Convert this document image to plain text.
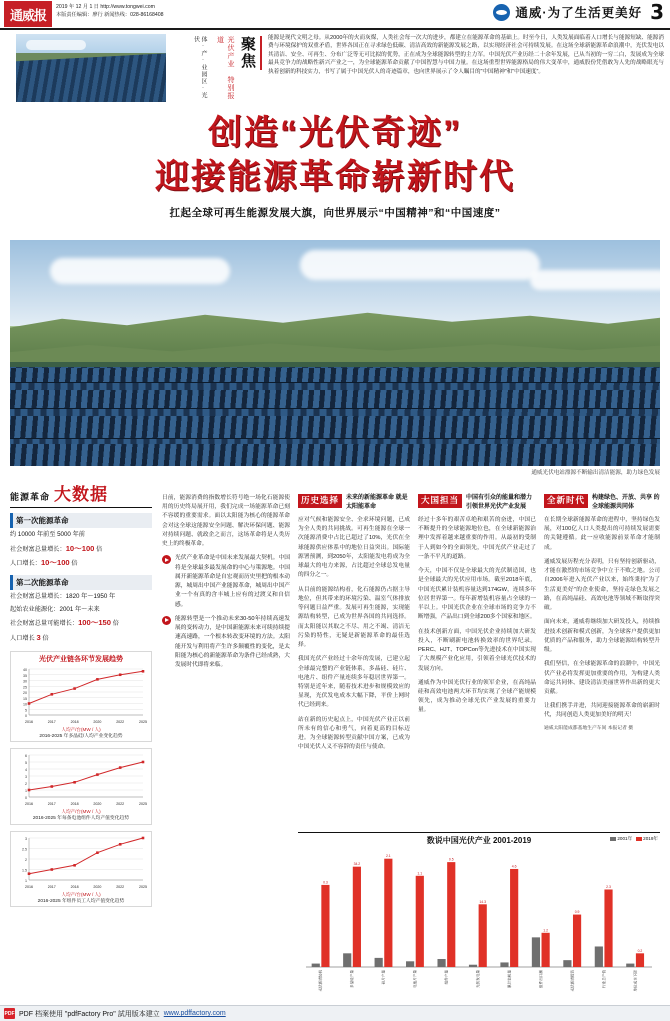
通威报
2019 年 12 月 1 日 http://www.tongwei.com
本版责任编辑：廖行 新闻热线：028-86168408	通威·为了生活更美好 3
体·产·业园区·光伏	聚焦
光伏产业 特别报道	能源是现代文明之母。从2000年的火而灰煤，人类社会每一次大的进步，都建立在能源革命的基础上。时至今日，人类发展面临着人口增长与能源短缺、能源消费与环境保护的双重矛盾，世界各国正在寻求绿色低碳、清洁高效的新能源发展之路，以实现经济社会可持续发展。在这场全球新能源革命浪潮中，光伏发电以其清洁、安全、可再生、分布广泛等无可比拟的优势，正在成为全球能源转型的主力军。中国光伏产业历经二十余年发展，已从当初的一穷二白，发展成为全球最具竞争力的战略性新兴产业之一，为全球能源革命贡献了中国智慧与中国力量。在这场重塑世界能源格局的伟大变革中，通威股份凭借敢为人先的战略眼光与执着创新的科技实力，书写了属于中国光伏人的奇迹篇章，也向世界展示了令人瞩目的“中国精神”和“中国速度”。
创造“光伏奇迹”
迎接能源革命崭新时代
扛起全球可再生能源发展大旗，向世界展示“中国精神”和“中国速度”
通威光伏电站漂源不断输出清洁能源，助力绿色发展
能源革命 大数据
第一次能源革命
约 10000 年前至 5000 年前
社会财富总量增长：10～100 倍
人口增长：10～100 倍
第二次能源革命
社会财富总量增长：1820 年～1950 年
起始农业能源化：2001 年～未来
社会财富总量可能增长：100～150 倍
人口增长 3 倍
光伏产业链各环节发展趋势
0
5
10
15
20
25
30
35
40
2016	2017	2018	2020	2022	2025
人均产/台(MW / 人)
2016-2025 年多晶硅/人均产业变化趋势
0
1
2
3
4
5
6
2016	2017	2018	2020	2022	2025
人均产/台(MW / 人)
2016-2025 年每条电池组件人均产值变化趋势
1
1.5
2
2.5
3
2016	2017	2018	2020	2022	2025
人均产/台(MW / 人)
2016-2025 年组件员工人均产值变化趋势
日前，能源消费的指数增长符号绝一场化石能源使用的历史终局展开用，我们完成一场能源革命已刻不容缓的重要需求。面以太阳能为核心的能源革命会对这全球这能源安全问题、解决环保问题、能源对持续问题、就政企之而言，这场革命将是人类历史上的终极革命。
光伏产业革命是中国未来发展最大契机。中国将是全球最多最发展命的中心与策源地。中国属开新能源革命是自宏观而历史里把的根本动源，城周出中国产业能源革命，城周出中国产业一个有真的含丰城上应有的过渡义和自信感。
能源转型是一个推动未来30-50年持续高速发展的变转动力，是中国新能源未来可续持续提速高速路，一个根本转改变环境的方法。太阳能开发与利用将产生许多颠覆性的变化，是太阳能为核心的新能源革命为条件已经成熟，大发展时代即将来临。
历史选择	未来的新能源革命 就是太阳能革命
应对气候和能源安全、全求环境问题，已成为全人类的共同挑战。可再生能源在全球一次能源消费中占比已超过了10%，光伏在全球能源供应体系中的地位日益突出。国际能源署预测，到2050年，太阳能发电将成为全球最大的电力来源，占比超过全球总发电量的四分之一。
从目前的能源结构看，化石能源仍占据主导地位，但其带来的环境污染、温室气体排放等问题日益严重。发展可再生能源，实现能源结构转型，已成为世界各国的共同选择。而太阳能以其取之不尽、用之不竭、清洁无污染的特性，无疑是新能源革命的最佳选择。
我国光伏产业经过十余年的发展，已建立起全球最完整的产业链体系，多晶硅、硅片、电池片、组件产量连续多年稳居世界第一。特别是近年来，随着技术进步和规模效应的显现，光伏发电成本大幅下降，平价上网时代已经到来。
站在新的历史起点上，中国光伏产业正以前所未有的信心和勇气，向着更高的目标迈进。为全球能源转型贡献中国方案，已成为中国光伏人义不容辞的责任与使命。
大国担当	中国有引众的能量和潜力 引领世界光伏产业发展
经过十多年的艰苦卓绝和艰苦的奋进，中国已不断提升的全球能源地位也，在全球新能源治理中发挥着越来越重要的作用。从最初的受制于人到如今的全面领先，中国光伏产业走过了一条不平凡的道路。
今天，中国不仅是全球最大的光伏制造国，也是全球最大的光伏应用市场。截至2018年底，中国光伏累计装机容量达到174GW，连续多年位居世界第一。每年新增装机容量占全球的一半以上。中国光伏企业在全球市场的竞争力不断增强，产品出口到全球200多个国家和地区。
在技术创新方面，中国光伏企业持续加大研发投入，不断刷新电池转换效率的世界纪录。PERC、HJT、TOPCon等先进技术在中国实现了大规模产业化应用，引领着全球光伏技术的发展方向。
通威作为中国光伏行业的领军企业，在高纯晶硅和高效电池两大环节均实现了全球产能规模领先，成为推动全球光伏产业发展的重要力量。
全新时代	构建绿色、开放、共享 的全球能源共同体
在长期全球新能源革命的进程中，坚持绿色发展，对100亿人口人类提出的可持续发展需要的关键遵循。此一应收能源前景革命才能制成。
通威发展历程充分表明，只有坚持创新驱动，才能在激烈的市场竞争中立于不败之地。公司自2006年进入光伏产业以来，始终秉持“为了生活更美好”的企业使命，坚持走绿色发展之路，在高纯晶硅、高效电池等领域不断取得突破。
面向未来，通威将继续加大研发投入，持续推进技术创新和模式创新，为全球客户提供更加优质的产品和服务，助力全球能源结构转型升级。
我们坚信，在全球能源革命的浪潮中，中国光伏产业必将发挥更加重要的作用，为构建人类命运共同体、建设清洁美丽世界作出新的更大贡献。
让我们携手并进，共同迎接能源革命的崭新时代，共同创造人类更加美好的明天！
通威太阳能成都基地生产车间 本报记者 摄
数说中国光伏产业 2001-2019	2001年	2019年
0.3
光伏新增装机
34.2
多晶硅产量
2.1
硅片产量
1.1
电池片产量
0.5
组件产量
14.3
光伏发电量
4.6
累计装机量
1.2
组件出口额
0.9
光伏新增投资
2.3
行业总产值
0.2
单位成本下降
PDF PDF 档案使用 "pdfFactory Pro" 試用版本建立 www.pdffactory.com
